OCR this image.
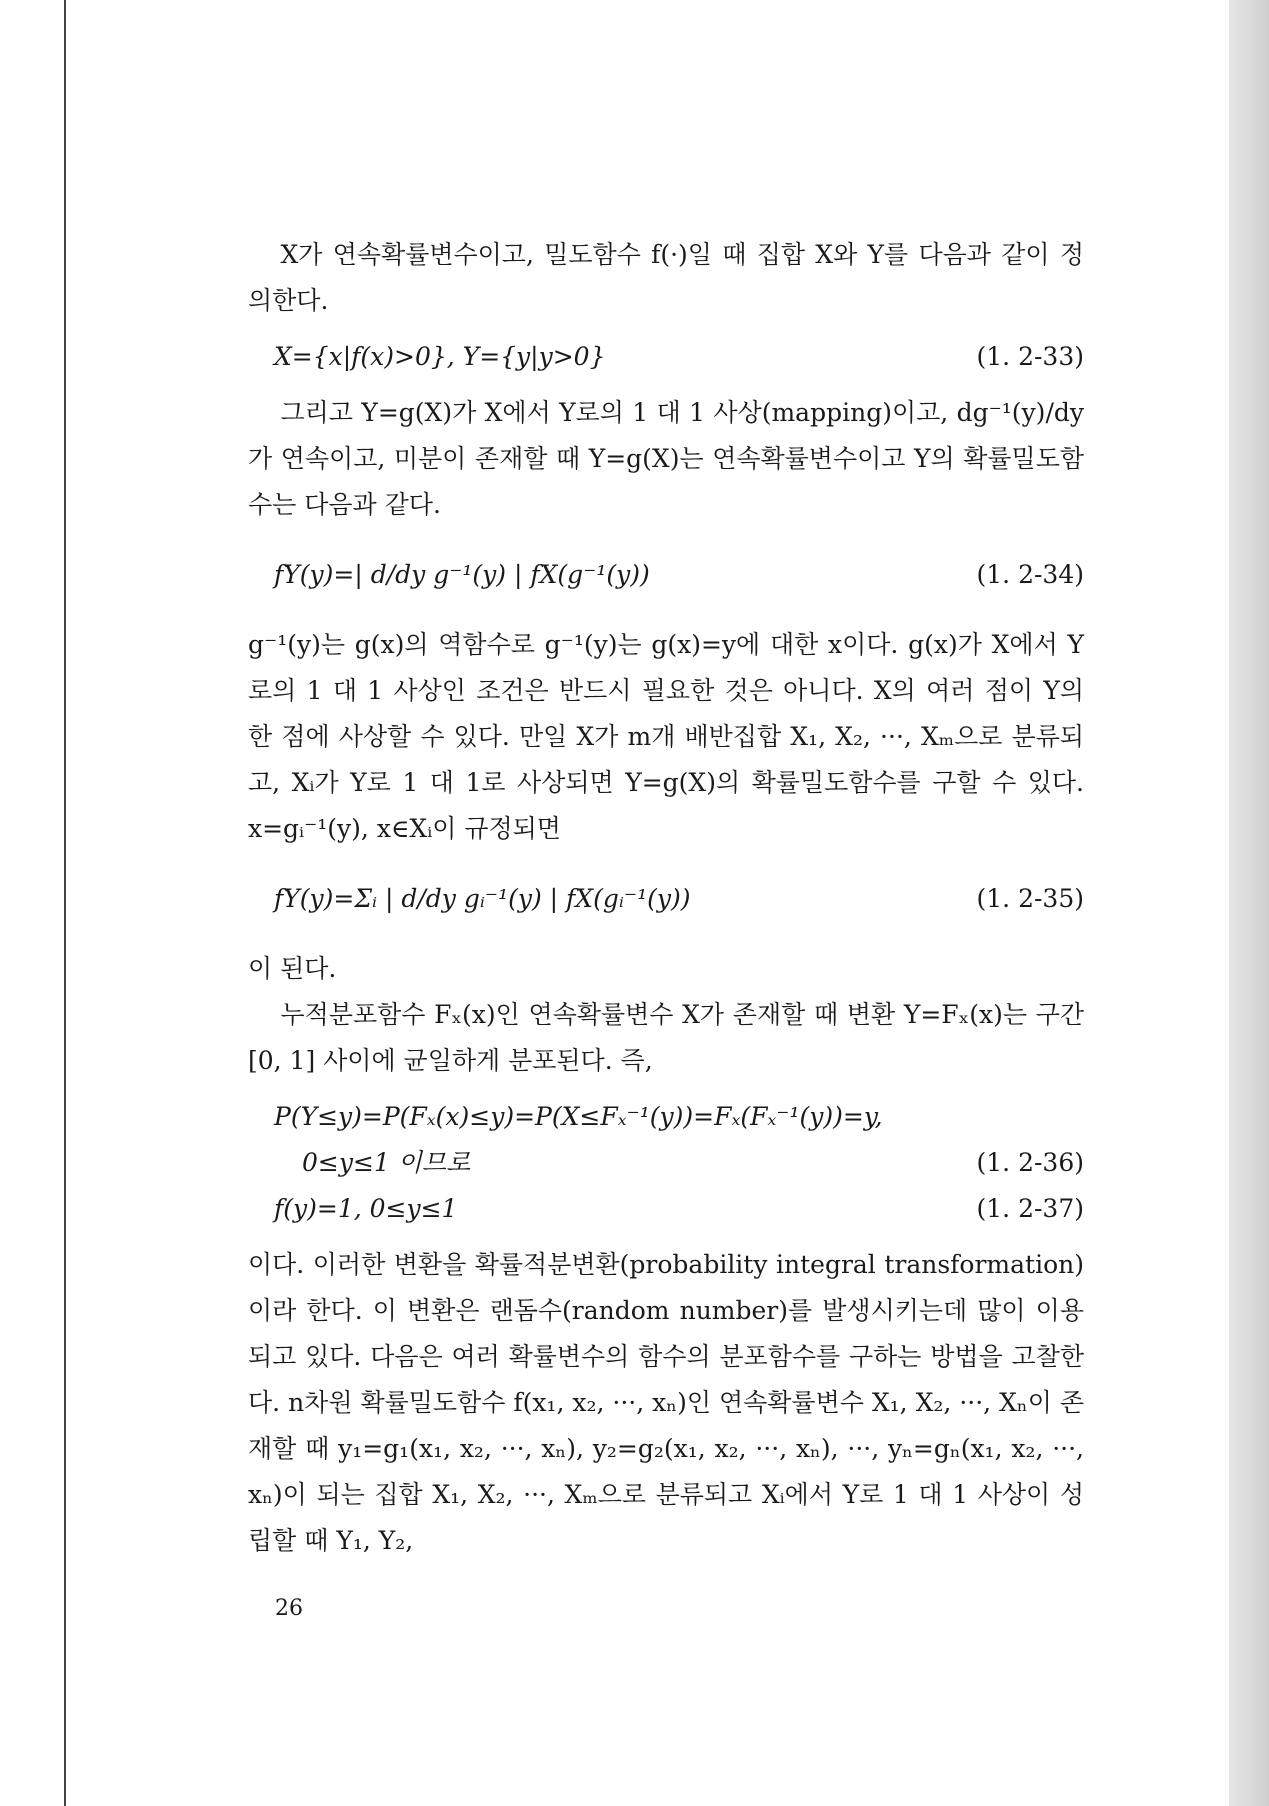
X가 연속확률변수이고, 밀도함수 f(·)일 때 집합 X와 Y를 다음과 같이 정의한다.

X={x|f(x)>0}, Y={y|y>0}	(1. 2-33)

그리고 Y=g(X)가 X에서 Y로의 1 대 1 사상(mapping)이고, dg⁻¹(y)/dy가 연속이고, 미분이 존재할 때 Y=g(X)는 연속확률변수이고 Y의 확률밀도함수는 다음과 같다.

fY(y)=| d/dy g⁻¹(y) | fX(g⁻¹(y))	(1. 2-34)

g⁻¹(y)는 g(x)의 역함수로 g⁻¹(y)는 g(x)=y에 대한 x이다. g(x)가 X에서 Y로의 1 대 1 사상인 조건은 반드시 필요한 것은 아니다. X의 여러 점이 Y의 한 점에 사상할 수 있다. 만일 X가 m개 배반집합 X₁, X₂, ···, Xₘ으로 분류되고, Xᵢ가 Y로 1 대 1로 사상되면 Y=g(X)의 확률밀도함수를 구할 수 있다. x=gᵢ⁻¹(y), x∈Xᵢ이 규정되면

fY(y)=Σᵢ | d/dy gᵢ⁻¹(y) | fX(gᵢ⁻¹(y))	(1. 2-35)

이 된다.

누적분포함수 Fₓ(x)인 연속확률변수 X가 존재할 때 변환 Y=Fₓ(x)는 구간[0, 1] 사이에 균일하게 분포된다. 즉,

P(Y≤y)=P(Fₓ(x)≤y)=P(X≤Fₓ⁻¹(y))=Fₓ(Fₓ⁻¹(y))=y,
0≤y≤1 이므로	(1. 2-36)
f(y)=1, 0≤y≤1	(1. 2-37)

이다. 이러한 변환을 확률적분변환(probability integral transformation)이라 한다. 이 변환은 랜돔수(random number)를 발생시키는데 많이 이용되고 있다. 다음은 여러 확률변수의 함수의 분포함수를 구하는 방법을 고찰한다. n차원 확률밀도함수 f(x₁, x₂, ···, xₙ)인 연속확률변수 X₁, X₂, ···, Xₙ이 존재할 때 y₁=g₁(x₁, x₂, ···, xₙ), y₂=g₂(x₁, x₂, ···, xₙ), ···, yₙ=gₙ(x₁, x₂, ···, xₙ)이 되는 집합 X₁, X₂, ···, Xₘ으로 분류되고 Xᵢ에서 Y로 1 대 1 사상이 성립할 때 Y₁, Y₂,

26
